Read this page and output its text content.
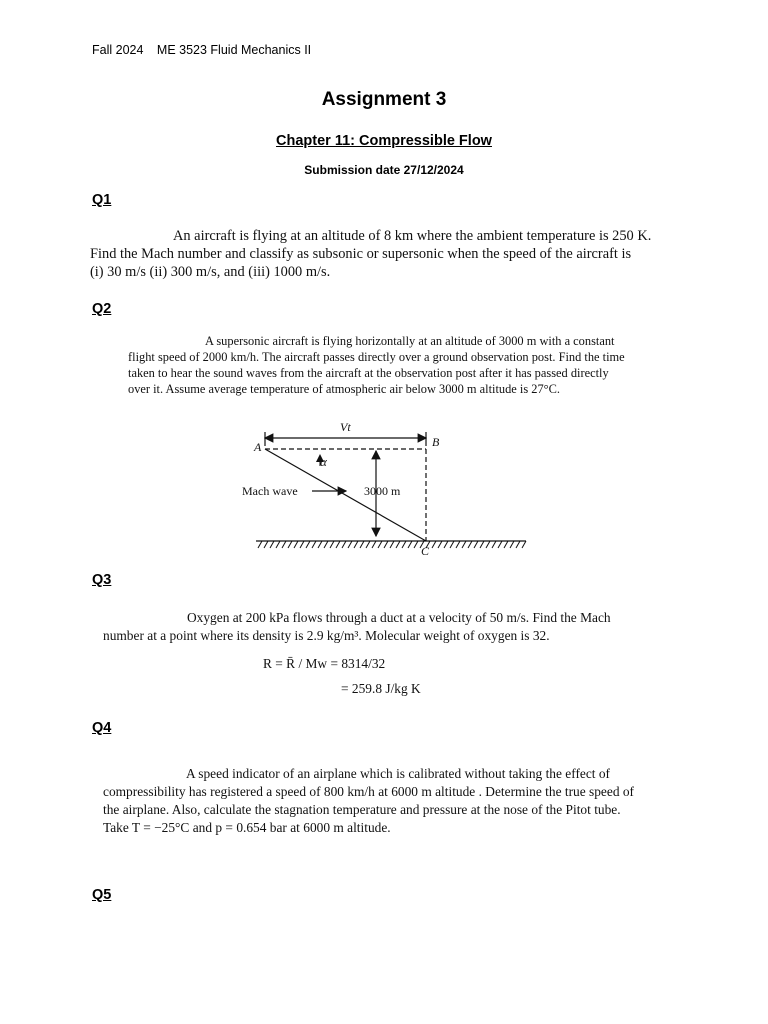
Fall 2024 ME 3523 Fluid Mechanics II
Assignment 3
Chapter 11: Compressible Flow
Submission date 27/12/2024
Q1

An aircraft is flying at an altitude of 8 km where the ambient temperature is 250 K.

Find the Mach number and classify as subsonic or supersonic when the speed of the aircraft is

(i) 30 m/s (ii) 300 m/s, and (iii) 1000 m/s.

Q2

A supersonic aircraft is flying horizontally at an altitude of 3000 m with a constant

flight speed of 2000 km/h. The aircraft passes directly over a ground observation post. Find the time

taken to hear the sound waves from the aircraft at the observation post after it has passed directly

over it. Assume average temperature of atmospheric air below 3000 m altitude is 27°C.

A	B
C
Vt
α
Mach wave	3000 m
Q3

Oxygen at 200 kPa flows through a duct at a velocity of 50 m/s. Find the Mach

number at a point where its density is 2.9 kg/m³. Molecular weight of oxygen is 32.

R = R̄ / Mw = 8314/32
= 259.8 J/kg K
Q4

A speed indicator of an airplane which is calibrated without taking the effect of

compressibility has registered a speed of 800 km/h at 6000 m altitude . Determine the true speed of

the airplane. Also, calculate the stagnation temperature and pressure at the nose of the Pitot tube.

Take T = −25°C and p = 0.654 bar at 6000 m altitude.

Q5
